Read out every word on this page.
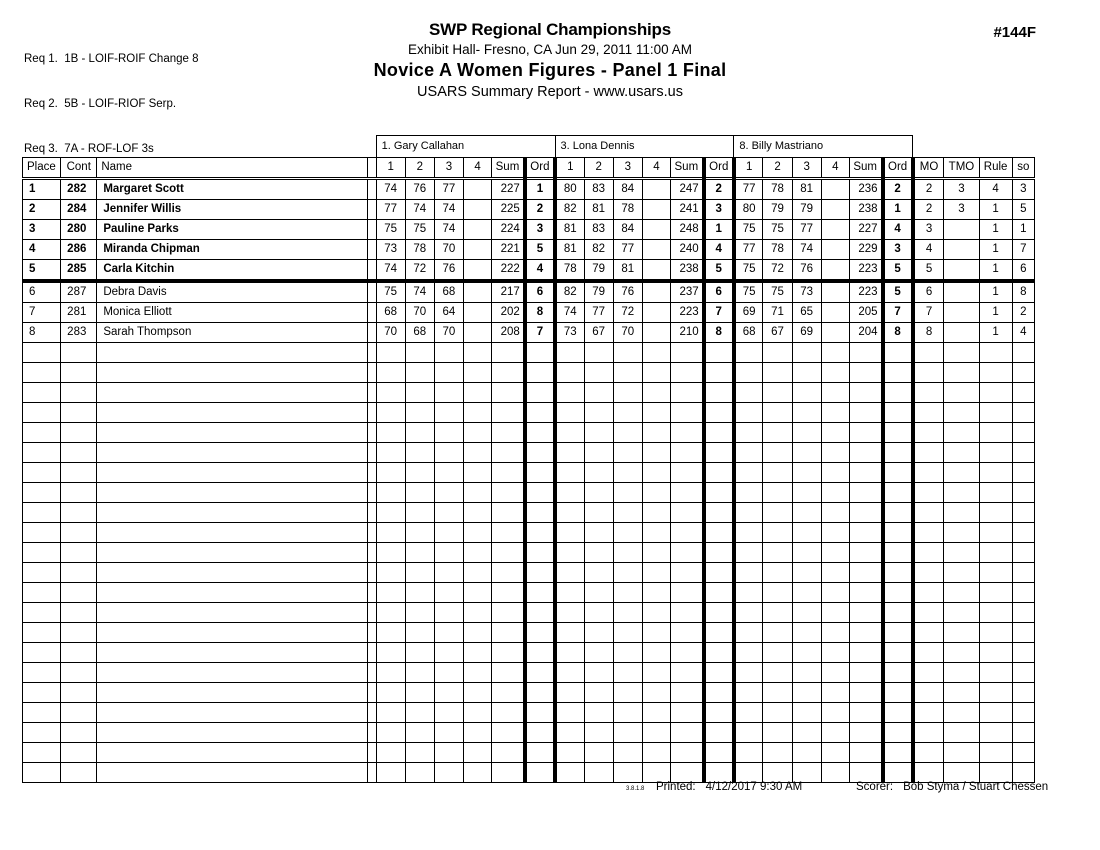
Req 1.  1B - LOIF-ROIF Change 8

Req 2.  5B - LOIF-RIOF Serp.

Req 3.  7A - ROF-LOF 3s

SWP Regional Championships
Exhibit Hall- Fresno, CA Jun 29, 2011 11:00 AM
Novice A Women Figures - Panel 1 Final
USARS Summary Report - www.usars.us
#144F
				1. Gary Callahan						3. Lona Dennis						8. Billy Mastriano									
Place	Cont	Name		1	2	3	4	Sum	Ord	1	2	3	4	Sum	Ord	1	2	3	4	Sum	Ord	MO	TMO	Rule	so
1	282	Margaret Scott		74	76	77		227	1	80	83	84		247	2	77	78	81		236	2	2	3	4	3
2	284	Jennifer Willis		77	74	74		225	2	82	81	78		241	3	80	79	79		238	1	2	3	1	5
3	280	Pauline Parks		75	75	74		224	3	81	83	84		248	1	75	75	77		227	4	3		1	1
4	286	Miranda Chipman		73	78	70		221	5	81	82	77		240	4	77	78	74		229	3	4		1	7
5	285	Carla Kitchin		74	72	76		222	4	78	79	81		238	5	75	72	76		223	5	5		1	6
6	287	Debra Davis		75	74	68		217	6	82	79	76		237	6	75	75	73		223	5	6		1	8
7	281	Monica Elliott		68	70	64		202	8	74	77	72		223	7	69	71	65		205	7	7		1	2
8	283	Sarah Thompson		70	68	70		208	7	73	67	70		210	8	68	67	69		204	8	8		1	4

3.8.1.8 Printed: 4/12/2017 9:30 AM	Scorer: Bob Styma / Stuart Chessen
